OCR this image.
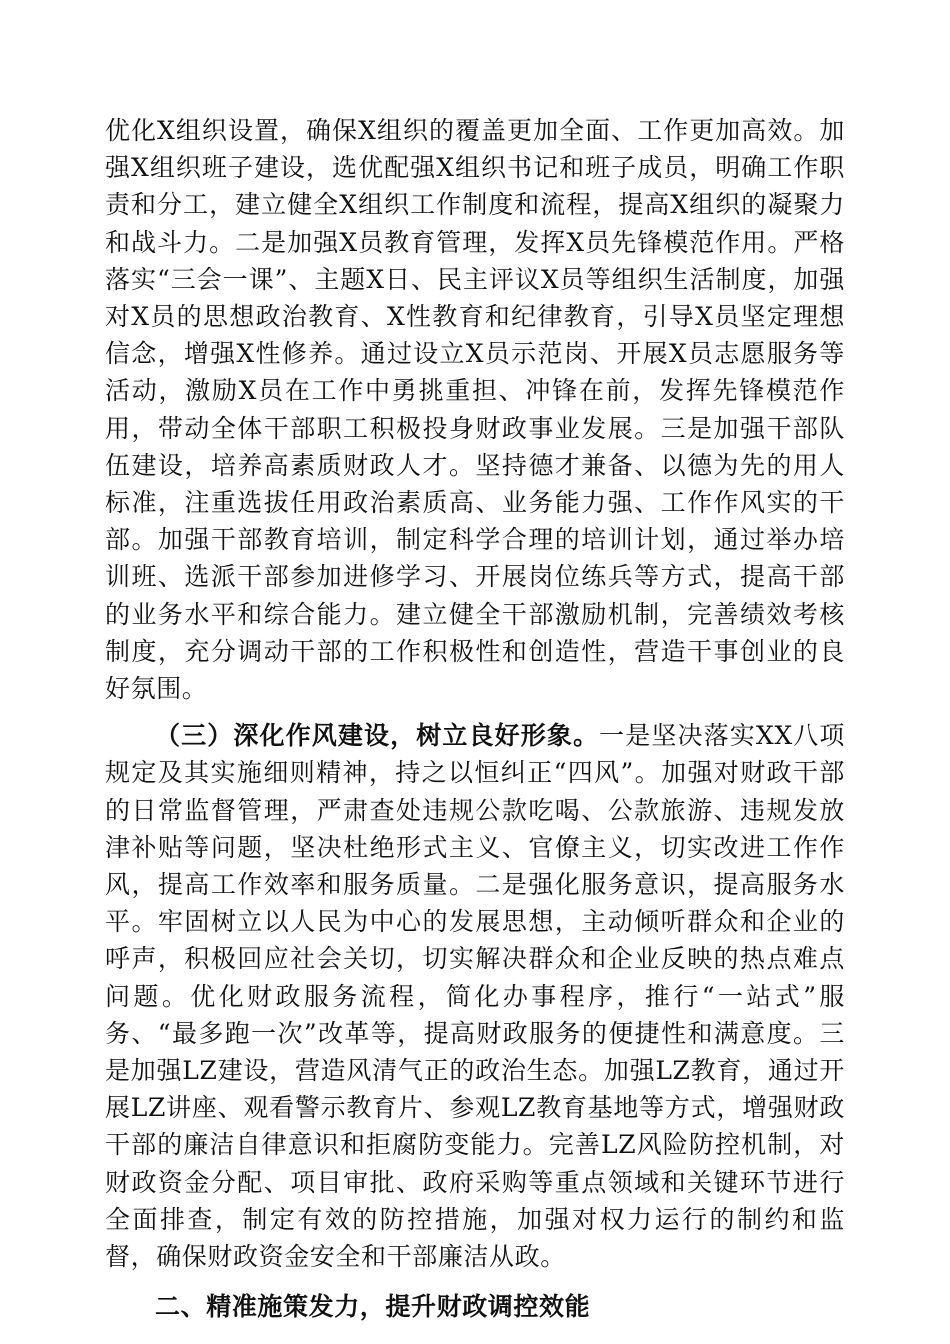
优化X组织设置，确保X组织的覆盖更加全面、工作更加高效。加强X组织班子建设，选优配强X组织书记和班子成员，明确工作职责和分工，建立健全X组织工作制度和流程，提高X组织的凝聚力和战斗力。二是加强X员教育管理，发挥X员先锋模范作用。严格落实“三会一课”、主题X日、民主评议X员等组织生活制度，加强对X员的思想政治教育、X性教育和纪律教育，引导X员坚定理想信念，增强X性修养。通过设立X员示范岗、开展X员志愿服务等活动，激励X员在工作中勇挑重担、冲锋在前，发挥先锋模范作用，带动全体干部职工积极投身财政事业发展。三是加强干部队伍建设，培养高素质财政人才。坚持德才兼备、以德为先的用人标准，注重选拔任用政治素质高、业务能力强、工作作风实的干部。加强干部教育培训，制定科学合理的培训计划，通过举办培训班、选派干部参加进修学习、开展岗位练兵等方式，提高干部的业务水平和综合能力。建立健全干部激励机制，完善绩效考核制度，充分调动干部的工作积极性和创造性，营造干事创业的良好氛围。

（三）深化作风建设，树立良好形象。一是坚决落实XX八项规定及其实施细则精神，持之以恒纠正“四风”。加强对财政干部的日常监督管理，严肃查处违规公款吃喝、公款旅游、违规发放津补贴等问题，坚决杜绝形式主义、官僚主义，切实改进工作作风，提高工作效率和服务质量。二是强化服务意识，提高服务水平。牢固树立以人民为中心的发展思想，主动倾听群众和企业的呼声，积极回应社会关切，切实解决群众和企业反映的热点难点问题。优化财政服务流程，简化办事程序，推行“一站式”服务、“最多跑一次”改革等，提高财政服务的便捷性和满意度。三是加强LZ建设，营造风清气正的政治生态。加强LZ教育，通过开展LZ讲座、观看警示教育片、参观LZ教育基地等方式，增强财政干部的廉洁自律意识和拒腐防变能力。完善LZ风险防控机制，对财政资金分配、项目审批、政府采购等重点领域和关键环节进行全面排查，制定有效的防控措施，加强对权力运行的制约和监督，确保财政资金安全和干部廉洁从政。

二、精准施策发力，提升财政调控效能
